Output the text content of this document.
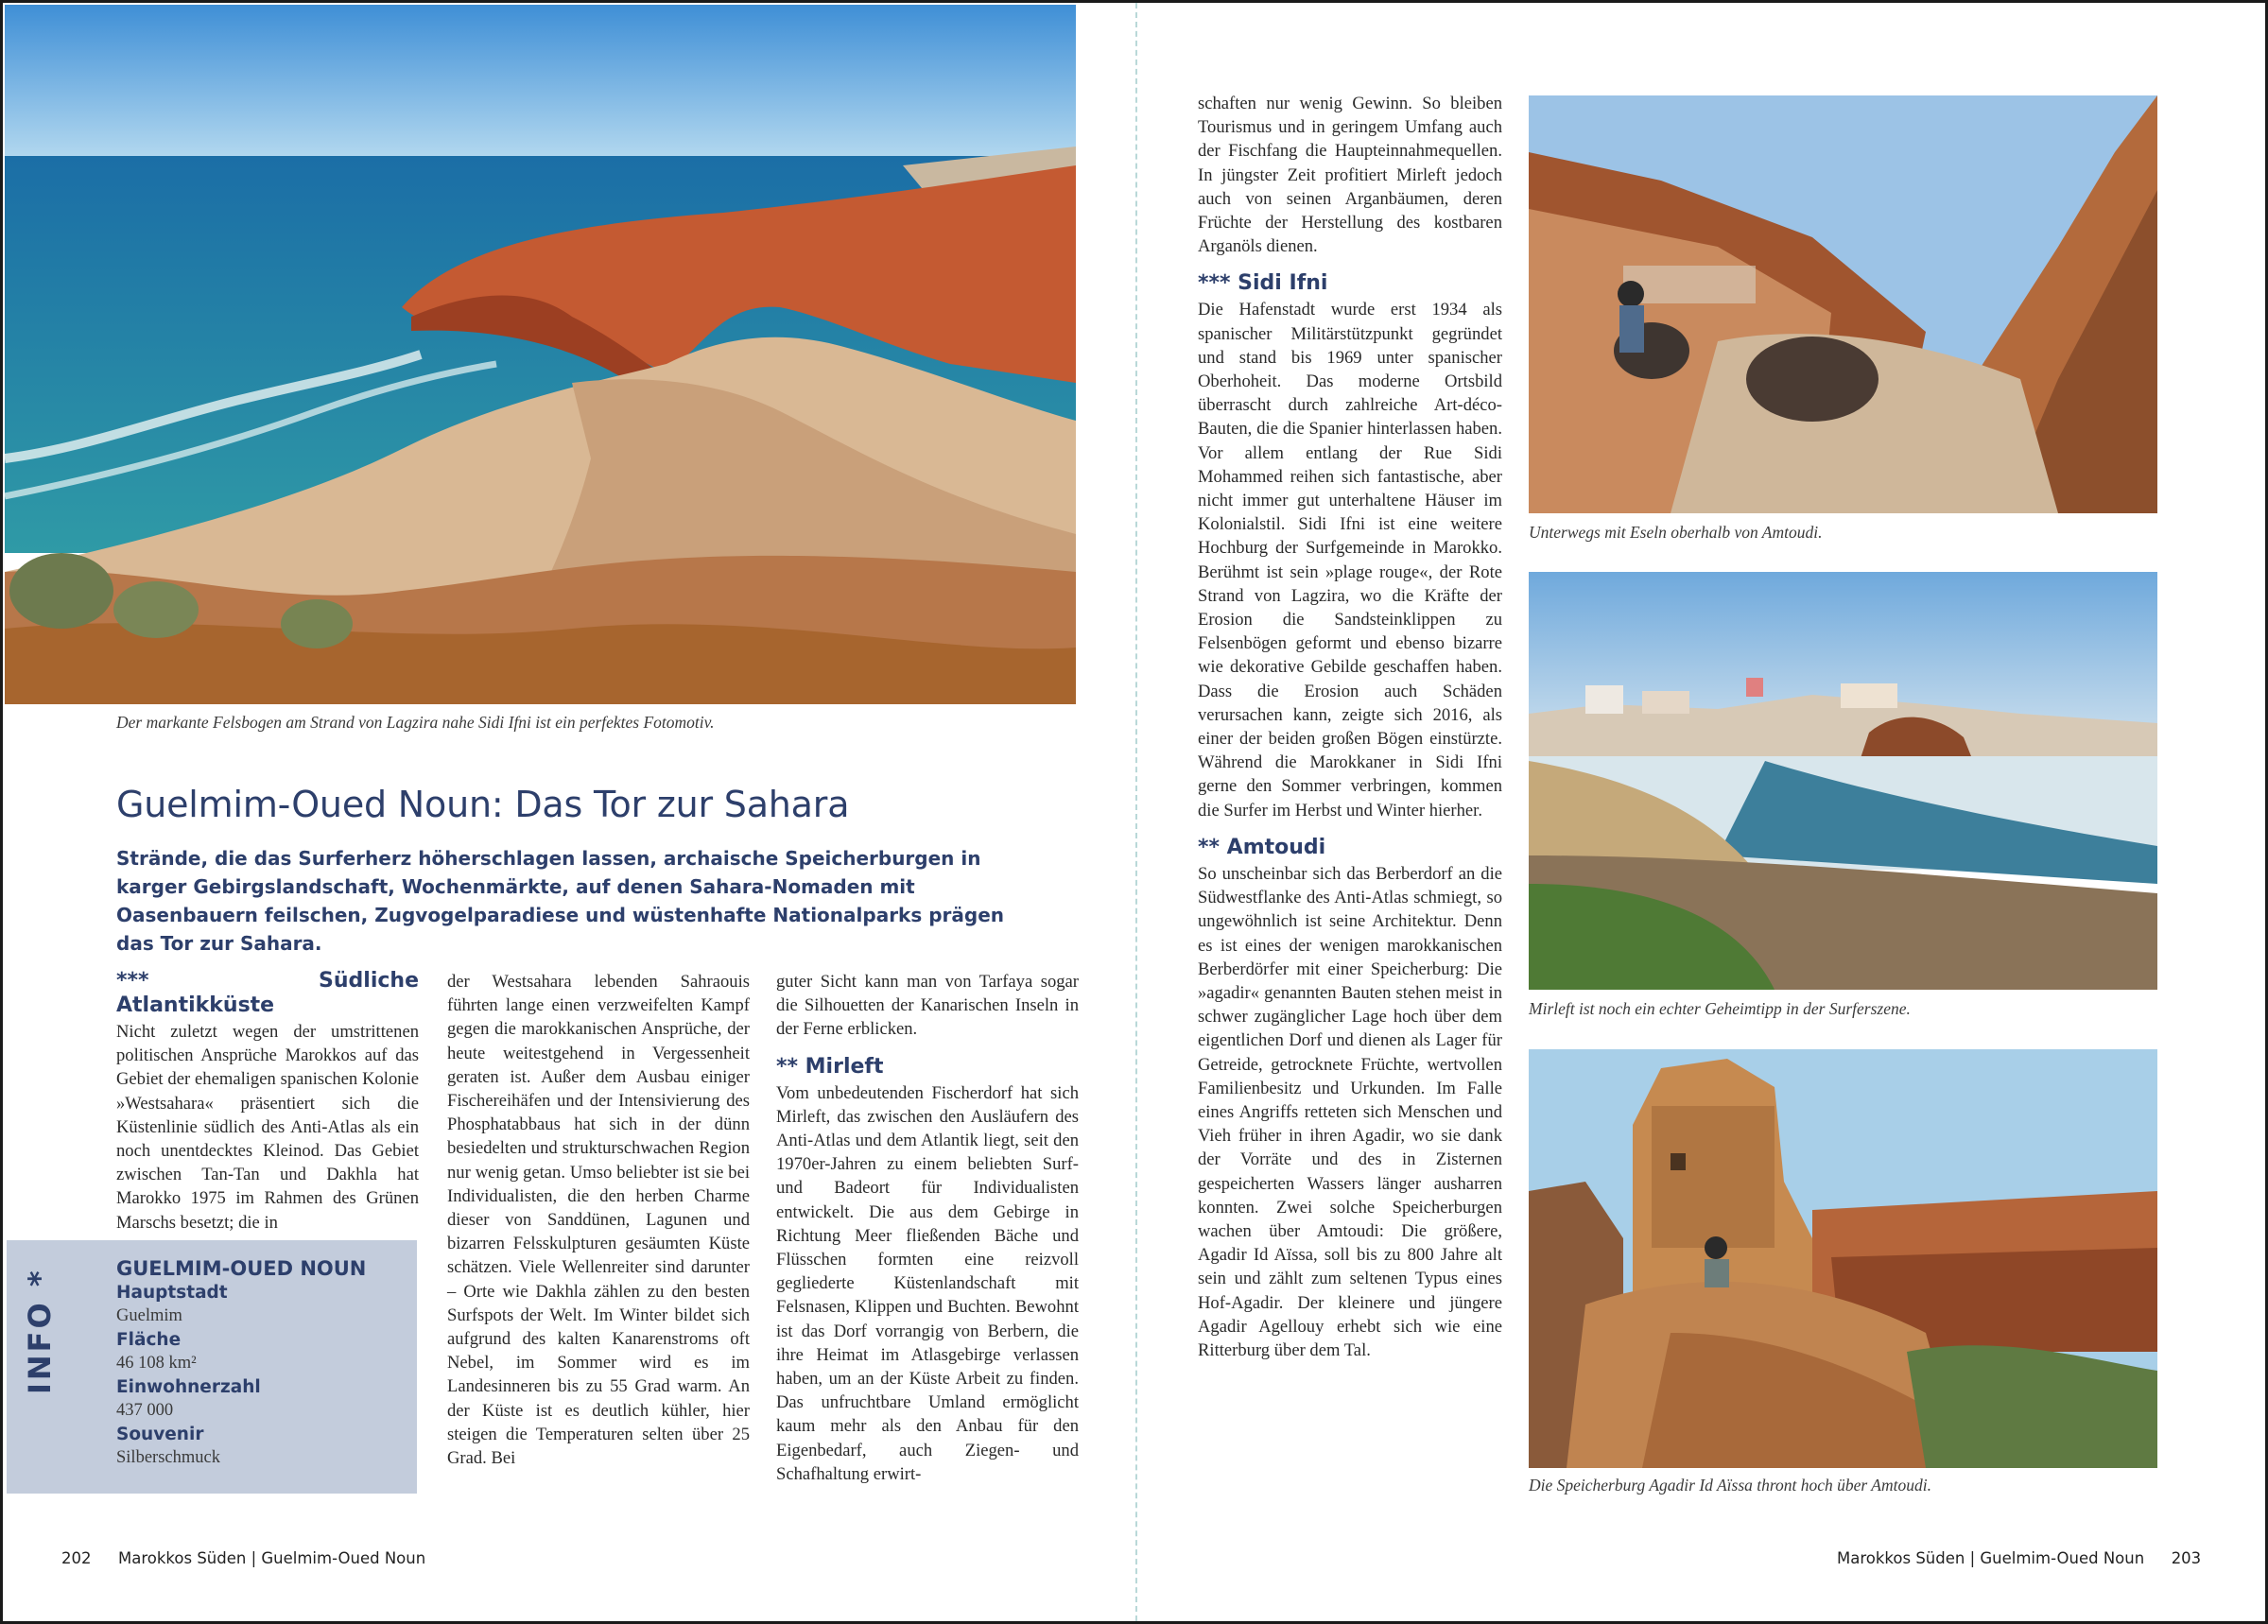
Der markante Felsbogen am Strand von Lagzira nahe Sidi Ifni ist ein perfektes Fotomotiv.
Guelmim-Oued Noun: Das Tor zur Sahara
Strände, die das Surferherz höherschlagen lassen, archaische Speicherburgen in karger Gebirgslandschaft, Wochenmärkte, auf denen Sahara-Nomaden mit Oasenbauern feilschen, Zugvogelparadiese und wüstenhafte Nationalparks prägen das Tor zur Sahara.
*** Südliche Atlantikküste

Nicht zuletzt wegen der umstrittenen politischen Ansprüche Marokkos auf das Gebiet der ehemaligen spanischen Kolonie »Westsahara« präsentiert sich die Küstenlinie südlich des Anti-Atlas als ein noch unentdecktes Kleinod. Das Gebiet zwischen Tan-Tan und Dakhla hat Marokko 1975 im Rahmen des Grünen Marschs besetzt; die in

der Westsahara lebenden Sahraouis führten lange einen verzweifelten Kampf gegen die marokkanischen Ansprüche, der heute weitestgehend in Vergessenheit geraten ist. Außer dem Ausbau einiger Fischereihäfen und der Intensivierung des Phosphatabbaus hat sich in der dünn besiedelten und strukturschwachen Region nur wenig getan. Umso beliebter ist sie bei Individualisten, die den herben Charme dieser von Sanddünen, Lagunen und bizarren Felsskulpturen gesäumten Küste schätzen. Viele Wellenreiter sind darunter – Orte wie Dakhla zählen zu den besten Surfspots der Welt. Im Winter bildet sich aufgrund des kalten Kanarenstroms oft Nebel, im Sommer wird es im Landesinneren bis zu 55 Grad warm. An der Küste ist es deutlich kühler, hier steigen die Temperaturen selten über 25 Grad. Bei

guter Sicht kann man von Tarfaya sogar die Silhouetten der Kanarischen Inseln in der Ferne erblicken.

** Mirleft

Vom unbedeutenden Fischerdorf hat sich Mirleft, das zwischen den Ausläufern des Anti-Atlas und dem Atlantik liegt, seit den 1970er-Jahren zu einem beliebten Surf- und Badeort für Individualisten entwickelt. Die aus dem Gebirge in Richtung Meer fließenden Bäche und Flüsschen formten eine reizvoll gegliederte Küstenlandschaft mit Felsnasen, Klippen und Buchten. Bewohnt ist das Dorf vorrangig von Berbern, die ihre Heimat im Atlasgebirge verlassen haben, um an der Küste Arbeit zu finden. Das unfruchtbare Umland ermöglicht kaum mehr als den Anbau für den Eigenbedarf, auch Ziegen- und Schafhaltung erwirt-

INFO *	GUELMIM-OUED NOUN
Hauptstadt
Guelmim
Fläche
46 108 km²
Einwohnerzahl
437 000
Souvenir
Silberschmuck
202 Marokkos Süden | Guelmim-Oued Noun

schaften nur wenig Gewinn. So bleiben Tourismus und in geringem Umfang auch der Fischfang die Haupteinnahmequellen. In jüngster Zeit profitiert Mirleft jedoch auch von seinen Arganbäumen, deren Früchte der Herstellung des kostbaren Arganöls dienen.

*** Sidi Ifni

Die Hafenstadt wurde erst 1934 als spanischer Militärstützpunkt gegründet und stand bis 1969 unter spanischer Oberhoheit. Das moderne Ortsbild überrascht durch zahlreiche Art-déco-Bauten, die die Spanier hinterlassen haben. Vor allem entlang der Rue Sidi Mohammed reihen sich fantastische, aber nicht immer gut unterhaltene Häuser im Kolonialstil. Sidi Ifni ist eine weitere Hochburg der Surfgemeinde in Marokko. Berühmt ist sein »plage rouge«, der Rote Strand von Lagzira, wo die Kräfte der Erosion die Sandsteinklippen zu Felsenbögen geformt und ebenso bizarre wie dekorative Gebilde geschaffen haben. Dass die Erosion auch Schäden verursachen kann, zeigte sich 2016, als einer der beiden großen Bögen einstürzte. Während die Marokkaner in Sidi Ifni gerne den Sommer verbringen, kommen die Surfer im Herbst und Winter hierher.

** Amtoudi

So unscheinbar sich das Berberdorf an die Südwestflanke des Anti-Atlas schmiegt, so ungewöhnlich ist seine Architektur. Denn es ist eines der wenigen marokkanischen Berberdörfer mit einer Speicherburg: Die »agadir« genannten Bauten stehen meist in schwer zugänglicher Lage hoch über dem eigentlichen Dorf und dienen als Lager für Getreide, getrocknete Früchte, wertvollen Familienbesitz und Urkunden. Im Falle eines Angriffs retteten sich Menschen und Vieh früher in ihren Agadir, wo sie dank der Vorräte und des in Zisternen gespeicherten Wassers länger ausharren konnten. Zwei solche Speicherburgen wachen über Amtoudi: Die größere, Agadir Id Aïssa, soll bis zu 800 Jahre alt sein und zählt zum seltenen Typus eines Hof-Agadir. Der kleinere und jüngere Agadir Agellouy erhebt sich wie eine Ritterburg über dem Tal.

Unterwegs mit Eseln oberhalb von Amtoudi.
Mirleft ist noch ein echter Geheimtipp in der Surferszene.
Die Speicherburg Agadir Id Aïssa thront hoch über Amtoudi.
Marokkos Süden | Guelmim-Oued Noun 203
